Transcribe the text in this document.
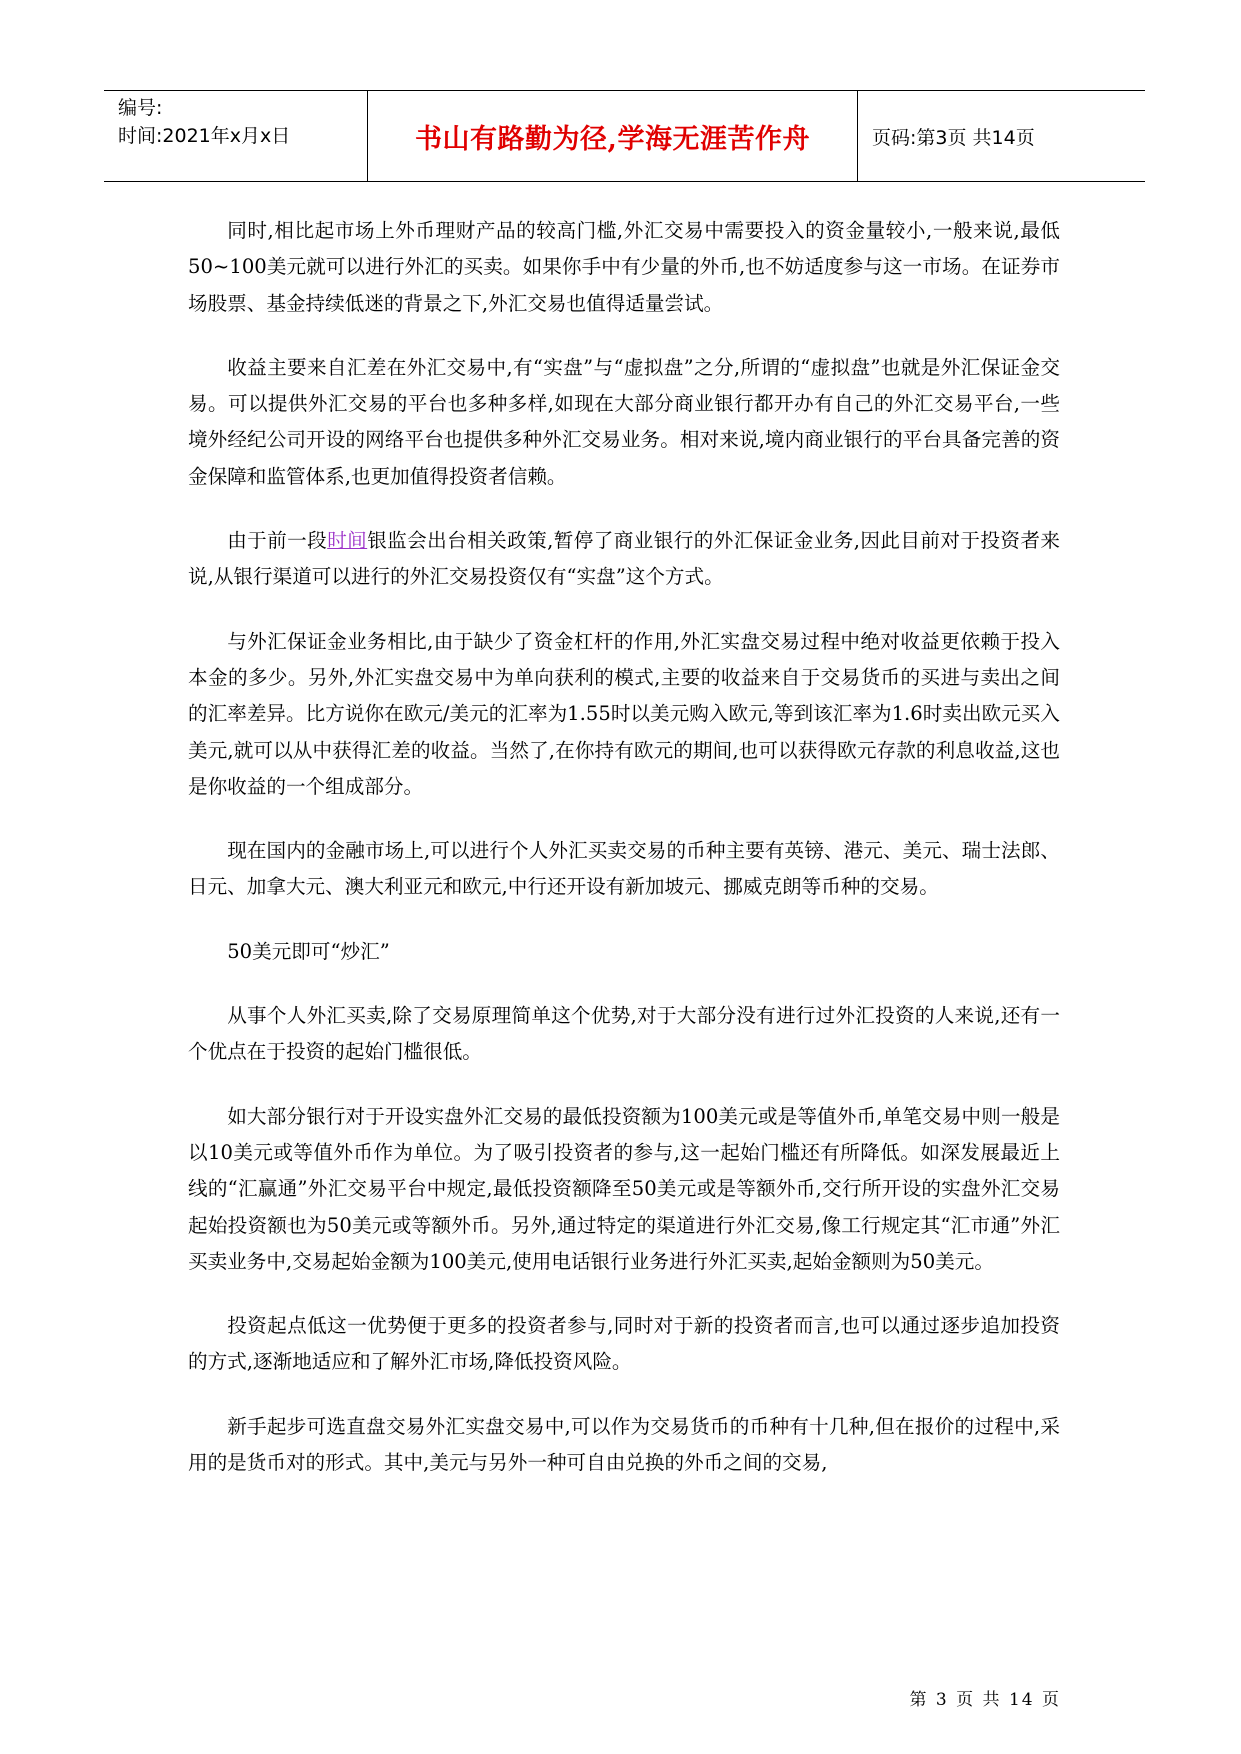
编号:
时间:2021年x月x日	书山有路勤为径,学海无涯苦作舟	页码:第3页 共14页

同时,相比起市场上外币理财产品的较高门槛,外汇交易中需要投入的资金量较小,一般来说,最低50~100美元就可以进行外汇的买卖。如果你手中有少量的外币,也不妨适度参与这一市场。在证券市场股票、基金持续低迷的背景之下,外汇交易也值得适量尝试。

收益主要来自汇差在外汇交易中,有“实盘”与“虚拟盘”之分,所谓的“虚拟盘”也就是外汇保证金交易。可以提供外汇交易的平台也多种多样,如现在大部分商业银行都开办有自己的外汇交易平台,一些境外经纪公司开设的网络平台也提供多种外汇交易业务。相对来说,境内商业银行的平台具备完善的资金保障和监管体系,也更加值得投资者信赖。

由于前一段时间银监会出台相关政策,暂停了商业银行的外汇保证金业务,因此目前对于投资者来说,从银行渠道可以进行的外汇交易投资仅有“实盘”这个方式。

与外汇保证金业务相比,由于缺少了资金杠杆的作用,外汇实盘交易过程中绝对收益更依赖于投入本金的多少。另外,外汇实盘交易中为单向获利的模式,主要的收益来自于交易货币的买进与卖出之间的汇率差异。比方说你在欧元/美元的汇率为1.55时以美元购入欧元,等到该汇率为1.6时卖出欧元买入美元,就可以从中获得汇差的收益。当然了,在你持有欧元的期间,也可以获得欧元存款的利息收益,这也是你收益的一个组成部分。

现在国内的金融市场上,可以进行个人外汇买卖交易的币种主要有英镑、港元、美元、瑞士法郎、日元、加拿大元、澳大利亚元和欧元,中行还开设有新加坡元、挪威克朗等币种的交易。

50美元即可“炒汇”

从事个人外汇买卖,除了交易原理简单这个优势,对于大部分没有进行过外汇投资的人来说,还有一个优点在于投资的起始门槛很低。

如大部分银行对于开设实盘外汇交易的最低投资额为100美元或是等值外币,单笔交易中则一般是以10美元或等值外币作为单位。为了吸引投资者的参与,这一起始门槛还有所降低。如深发展最近上线的“汇赢通”外汇交易平台中规定,最低投资额降至50美元或是等额外币,交行所开设的实盘外汇交易起始投资额也为50美元或等额外币。另外,通过特定的渠道进行外汇交易,像工行规定其“汇市通”外汇买卖业务中,交易起始金额为100美元,使用电话银行业务进行外汇买卖,起始金额则为50美元。

投资起点低这一优势便于更多的投资者参与,同时对于新的投资者而言,也可以通过逐步追加投资的方式,逐渐地适应和了解外汇市场,降低投资风险。

新手起步可选直盘交易外汇实盘交易中,可以作为交易货币的币种有十几种,但在报价的过程中,采用的是货币对的形式。其中,美元与另外一种可自由兑换的外币之间的交易,

第 3 页 共 14 页
